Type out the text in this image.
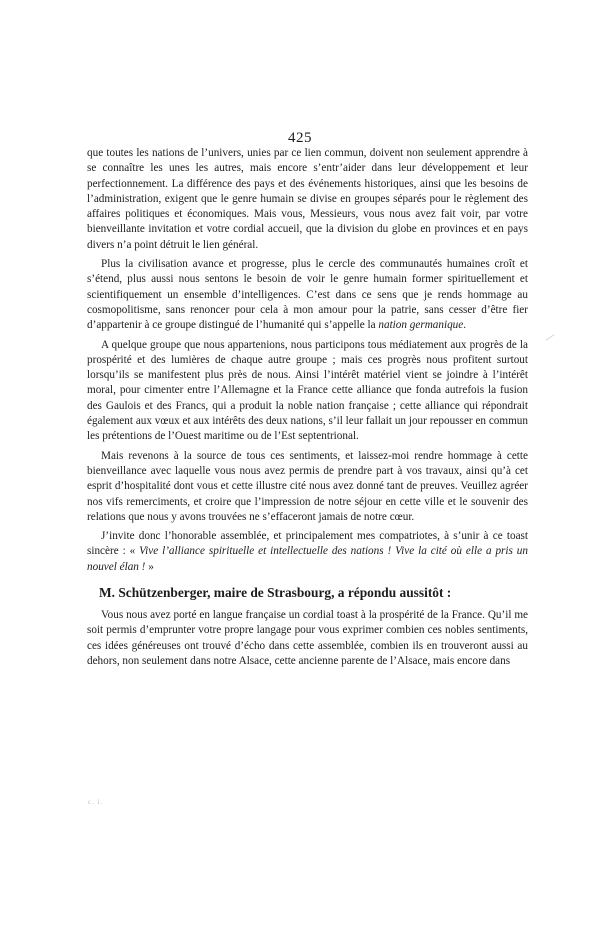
425

que toutes les nations de l’univers, unies par ce lien commun, doivent non seulement apprendre à se connaître les unes les autres, mais encore s’entr’aider dans leur développement et leur perfectionnement. La différence des pays et des événements historiques, ainsi que les besoins de l’administration, exigent que le genre humain se divise en groupes séparés pour le règlement des affaires politiques et économiques. Mais vous, Messieurs, vous nous avez fait voir, par votre bienveillante invitation et votre cordial accueil, que la division du globe en provinces et en pays divers n’a point détruit le lien général.

Plus la civilisation avance et progresse, plus le cercle des communautés humaines croît et s’étend, plus aussi nous sentons le besoin de voir le genre humain former spirituellement et scientifiquement un ensemble d’intelligences. C’est dans ce sens que je rends hommage au cosmopolitisme, sans renoncer pour cela à mon amour pour la patrie, sans cesser d’être fier d’appartenir à ce groupe distingué de l’humanité qui s’appelle la nation germanique.

A quelque groupe que nous appartenions, nous participons tous médiatement aux progrès de la prospérité et des lumières de chaque autre groupe ; mais ces progrès nous profitent surtout lorsqu’ils se manifestent plus près de nous. Ainsi l’intérêt matériel vient se joindre à l’intérêt moral, pour cimenter entre l’Allemagne et la France cette alliance que fonda autrefois la fusion des Gaulois et des Francs, qui a produit la noble nation française ; cette alliance qui répondrait également aux vœux et aux intérêts des deux nations, s’il leur fallait un jour repousser en commun les prétentions de l’Ouest maritime ou de l’Est septentrional.

Mais revenons à la source de tous ces sentiments, et laissez-moi rendre hommage à cette bienveillance avec laquelle vous nous avez permis de prendre part à vos travaux, ainsi qu’à cet esprit d’hospitalité dont vous et cette illustre cité nous avez donné tant de preuves. Veuillez agréer nos vifs remerciments, et croire que l’impression de notre séjour en cette ville et le souvenir des relations que nous y avons trouvées ne s’effaceront jamais de notre cœur.

J’invite donc l’honorable assemblée, et principalement mes compatriotes, à s’unir à ce toast sincère : « Vive l’alliance spirituelle et intellectuelle des nations ! Vive la cité où elle a pris un nouvel élan ! »

M. Schützenberger, maire de Strasbourg, a répondu aussitôt :

Vous nous avez porté en langue française un cordial toast à la prospérité de la France. Qu’il me soit permis d’emprunter votre propre langage pour vous exprimer combien ces nobles sentiments, ces idées généreuses ont trouvé d’écho dans cette assemblée, combien ils en trouveront aussi au dehors, non seulement dans notre Alsace, cette ancienne parente de l’Alsace, mais encore dans

c. i.
